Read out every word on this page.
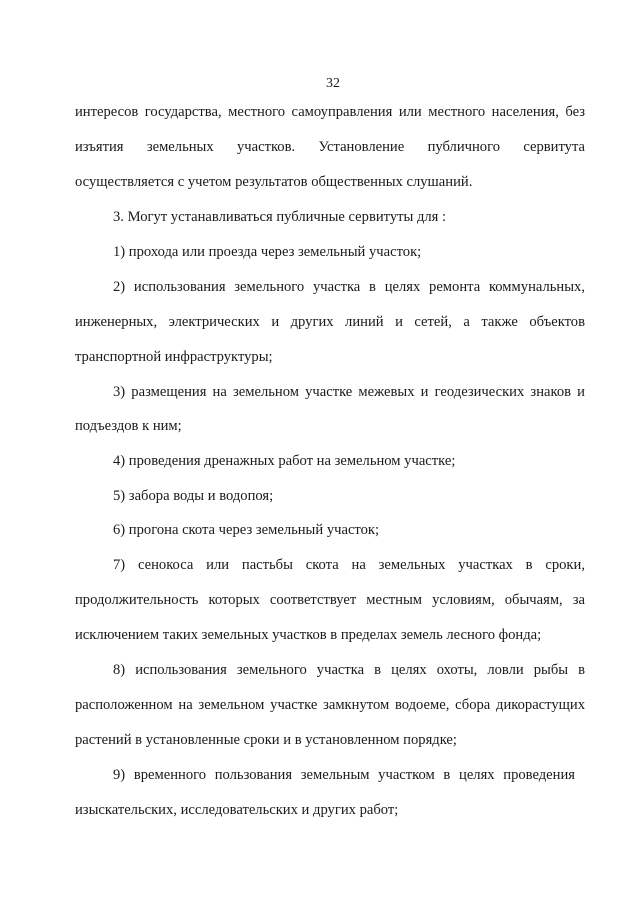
32
интересов государства, местного самоуправления или местного населения, без
изъятия земельных участков. Установление публичного сервитута
осуществляется с учетом результатов общественных слушаний.
3. Могут устанавливаться публичные сервитуты для :
1) прохода или проезда через земельный участок;
2) использования земельного участка в целях ремонта коммунальных,
инженерных, электрических и других линий и сетей, а также объектов
транспортной инфраструктуры;
3) размещения на земельном участке межевых и геодезических знаков и
подъездов к ним;
4) проведения дренажных работ на земельном участке;
5) забора воды и водопоя;
6) прогона скота через земельный участок;
7) сенокоса или пастьбы скота на земельных участках в сроки,
продолжительность которых соответствует местным условиям, обычаям, за
исключением таких земельных участков в пределах земель лесного фонда;
8) использования земельного участка в целях охоты, ловли рыбы в
расположенном на земельном участке замкнутом водоеме, сбора дикорастущих
растений в установленные сроки и в установленном порядке;
9) временного пользования земельным участком в целях проведения
изыскательских, исследовательских и других работ;
